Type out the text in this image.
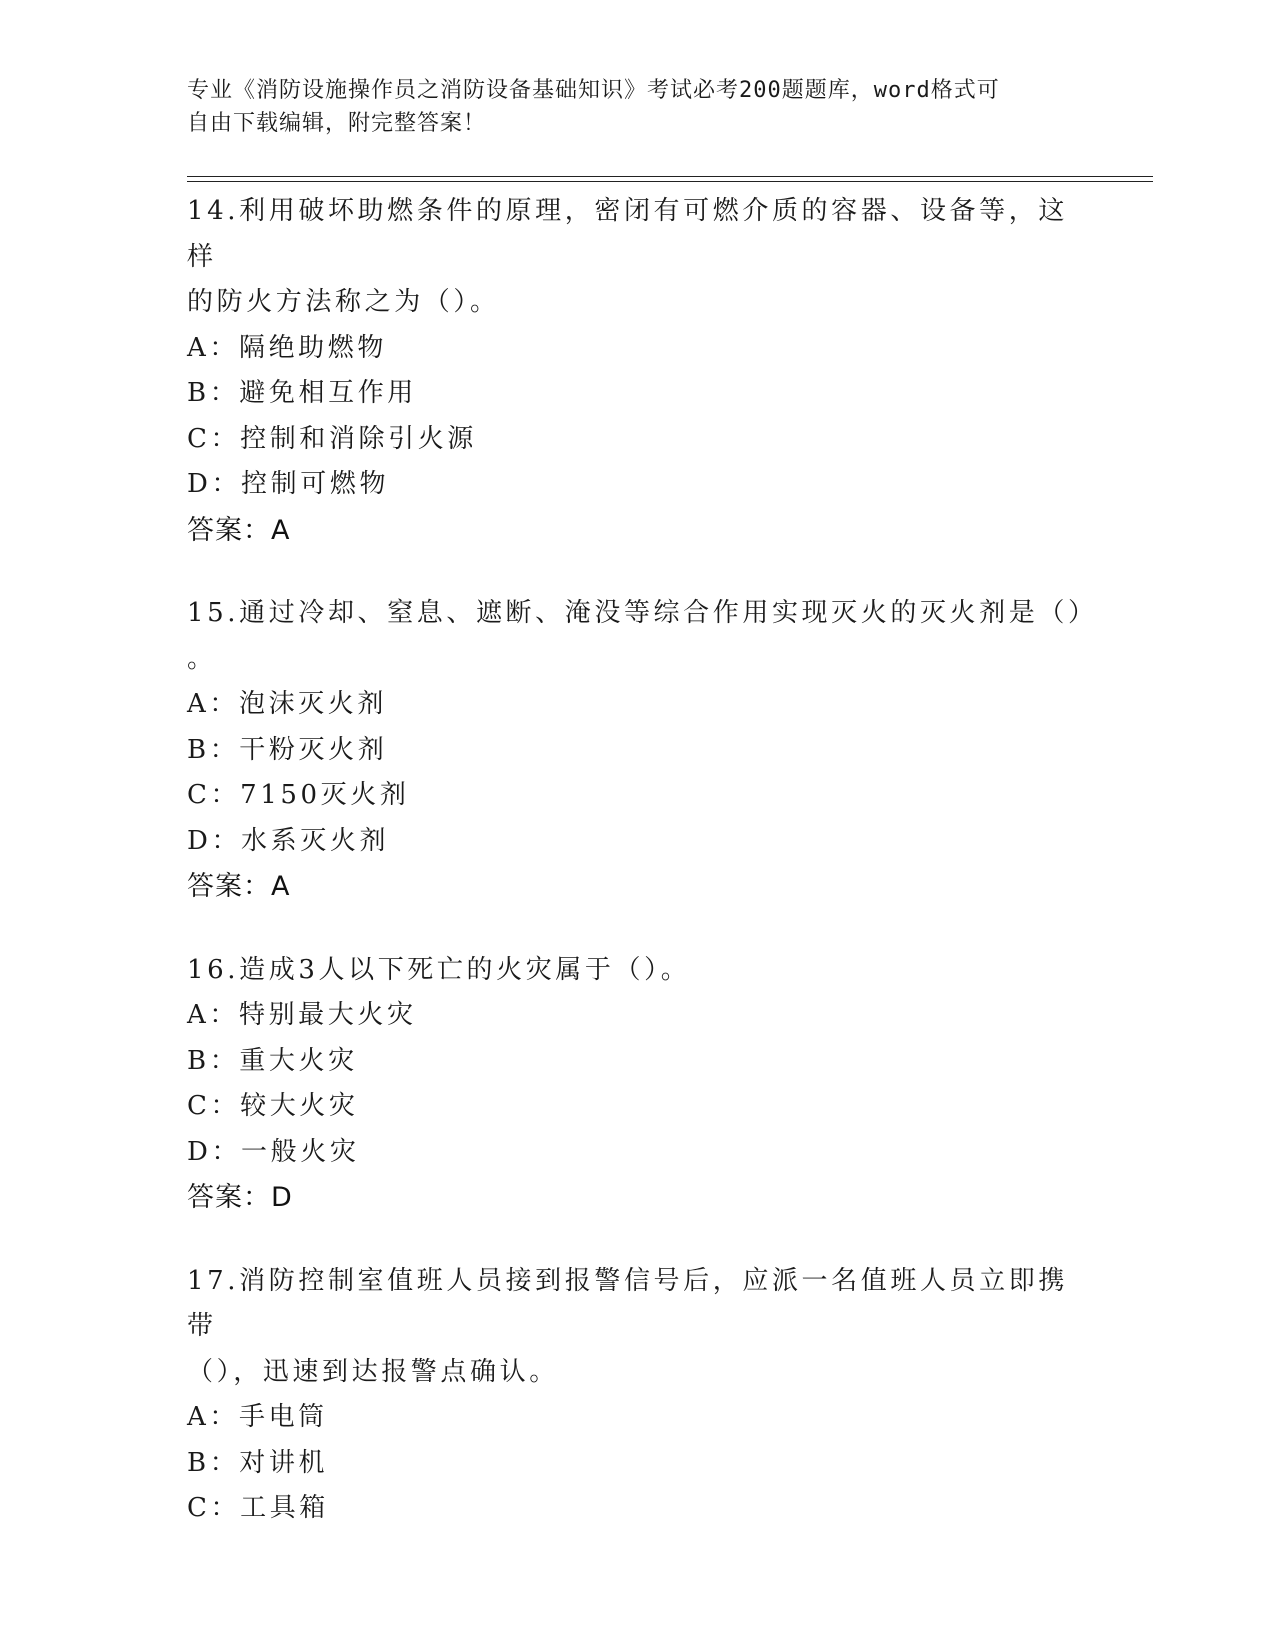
专业《消防设施操作员之消防设备基础知识》考试必考200题题库，word格式可
自由下载编辑，附完整答案！
14.利用破坏助燃条件的原理，密闭有可燃介质的容器、设备等，这样
的防火方法称之为（）。
A：隔绝助燃物
B：避免相互作用
C：控制和消除引火源
D：控制可燃物
答案：A
15.通过冷却、窒息、遮断、淹没等综合作用实现灭火的灭火剂是（）
。
A：泡沫灭火剂
B：干粉灭火剂
C：7150灭火剂
D：水系灭火剂
答案：A
16.造成3人以下死亡的火灾属于（）。
A：特别最大火灾
B：重大火灾
C：较大火灾
D：一般火灾
答案：D
17.消防控制室值班人员接到报警信号后，应派一名值班人员立即携带
（），迅速到达报警点确认。
A：手电筒
B：对讲机
C：工具箱
